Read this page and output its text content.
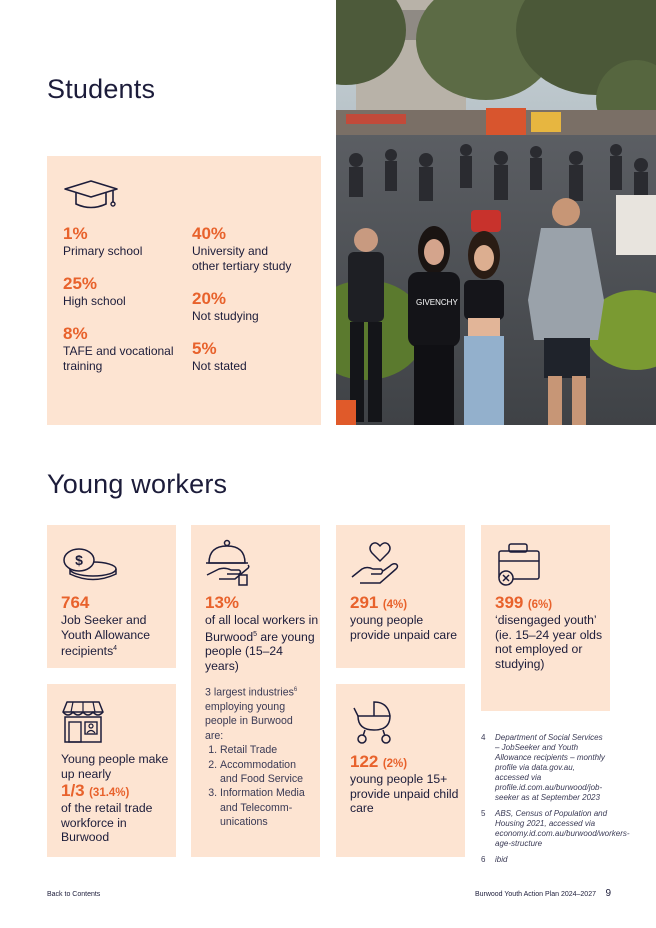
Students
1%
Primary school
25%
High school
8%
TAFE and vocational training
40%
University and other tertiary study
20%
Not studying
5%
Not stated
GIVENCHY
Young workers
$
764
Job Seeker and Youth Allowance recipients$^4$
13%
of all local workers in Burwood$^5$ are young people (15–24 years)
3 largest industries$^6$ employing young people in Burwood are:
1. Retail Trade
2. Accommodation and Food Service
3. Information Media and Telecomm-unications
291 (4%)
young people provide unpaid care
399 (6%)
‘disengaged youth’ (ie. 15–24 year olds not employed or studying)
Young people make up nearly
1/3 (31.4%)
of the retail trade workforce in Burwood
122 (2%)
young people 15+ provide unpaid child care
4 Department of Social Services – JobSeeker and Youth Allowance recipients – monthly profile via data.gov.au, accessed via profile.id.com.au/burwood/job-seeker as at September 2023
5 ABS, Census of Population and Housing 2021, accessed via economy.id.com.au/burwood/workers-age-structure
6 ibid
Back to Contents	Burwood Youth Action Plan 2024–2027 9
